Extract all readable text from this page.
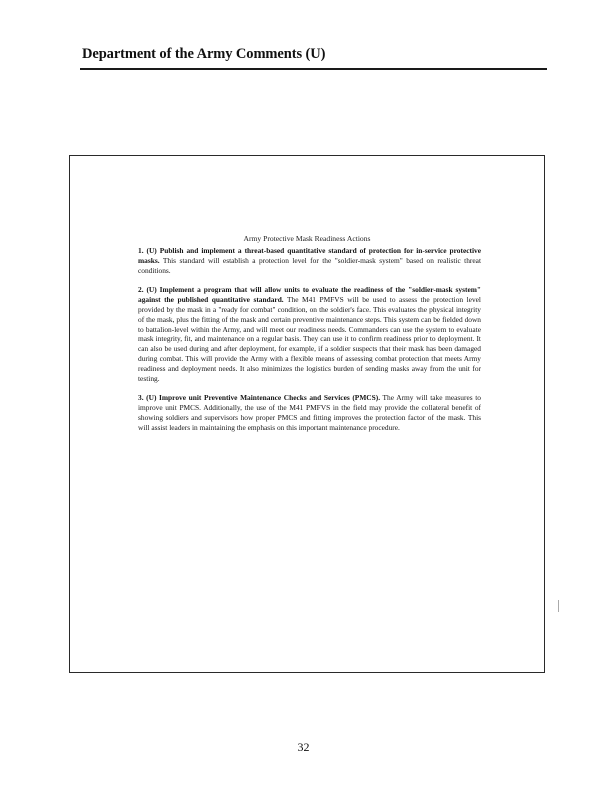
Department of the Army Comments (U)
Army Protective Mask Readiness Actions

1. (U) Publish and implement a threat-based quantitative standard of protection for in-service protective masks. This standard will establish a protection level for the "soldier-mask system" based on realistic threat conditions.

2. (U) Implement a program that will allow units to evaluate the readiness of the "soldier-mask system" against the published quantitative standard. The M41 PMFVS will be used to assess the protection level provided by the mask in a "ready for combat" condition, on the soldier's face. This evaluates the physical integrity of the mask, plus the fitting of the mask and certain preventive maintenance steps. This system can be fielded down to battalion-level within the Army, and will meet our readiness needs. Commanders can use the system to evaluate mask integrity, fit, and maintenance on a regular basis. They can use it to confirm readiness prior to deployment. It can also be used during and after deployment, for example, if a soldier suspects that their mask has been damaged during combat. This will provide the Army with a flexible means of assessing combat protection that meets Army readiness and deployment needs. It also minimizes the logistics burden of sending masks away from the unit for testing.

3. (U) Improve unit Preventive Maintenance Checks and Services (PMCS). The Army will take measures to improve unit PMCS. Additionally, the use of the M41 PMFVS in the field may provide the collateral benefit of showing soldiers and supervisors how proper PMCS and fitting improves the protection factor of the mask. This will assist leaders in maintaining the emphasis on this important maintenance procedure.

32
